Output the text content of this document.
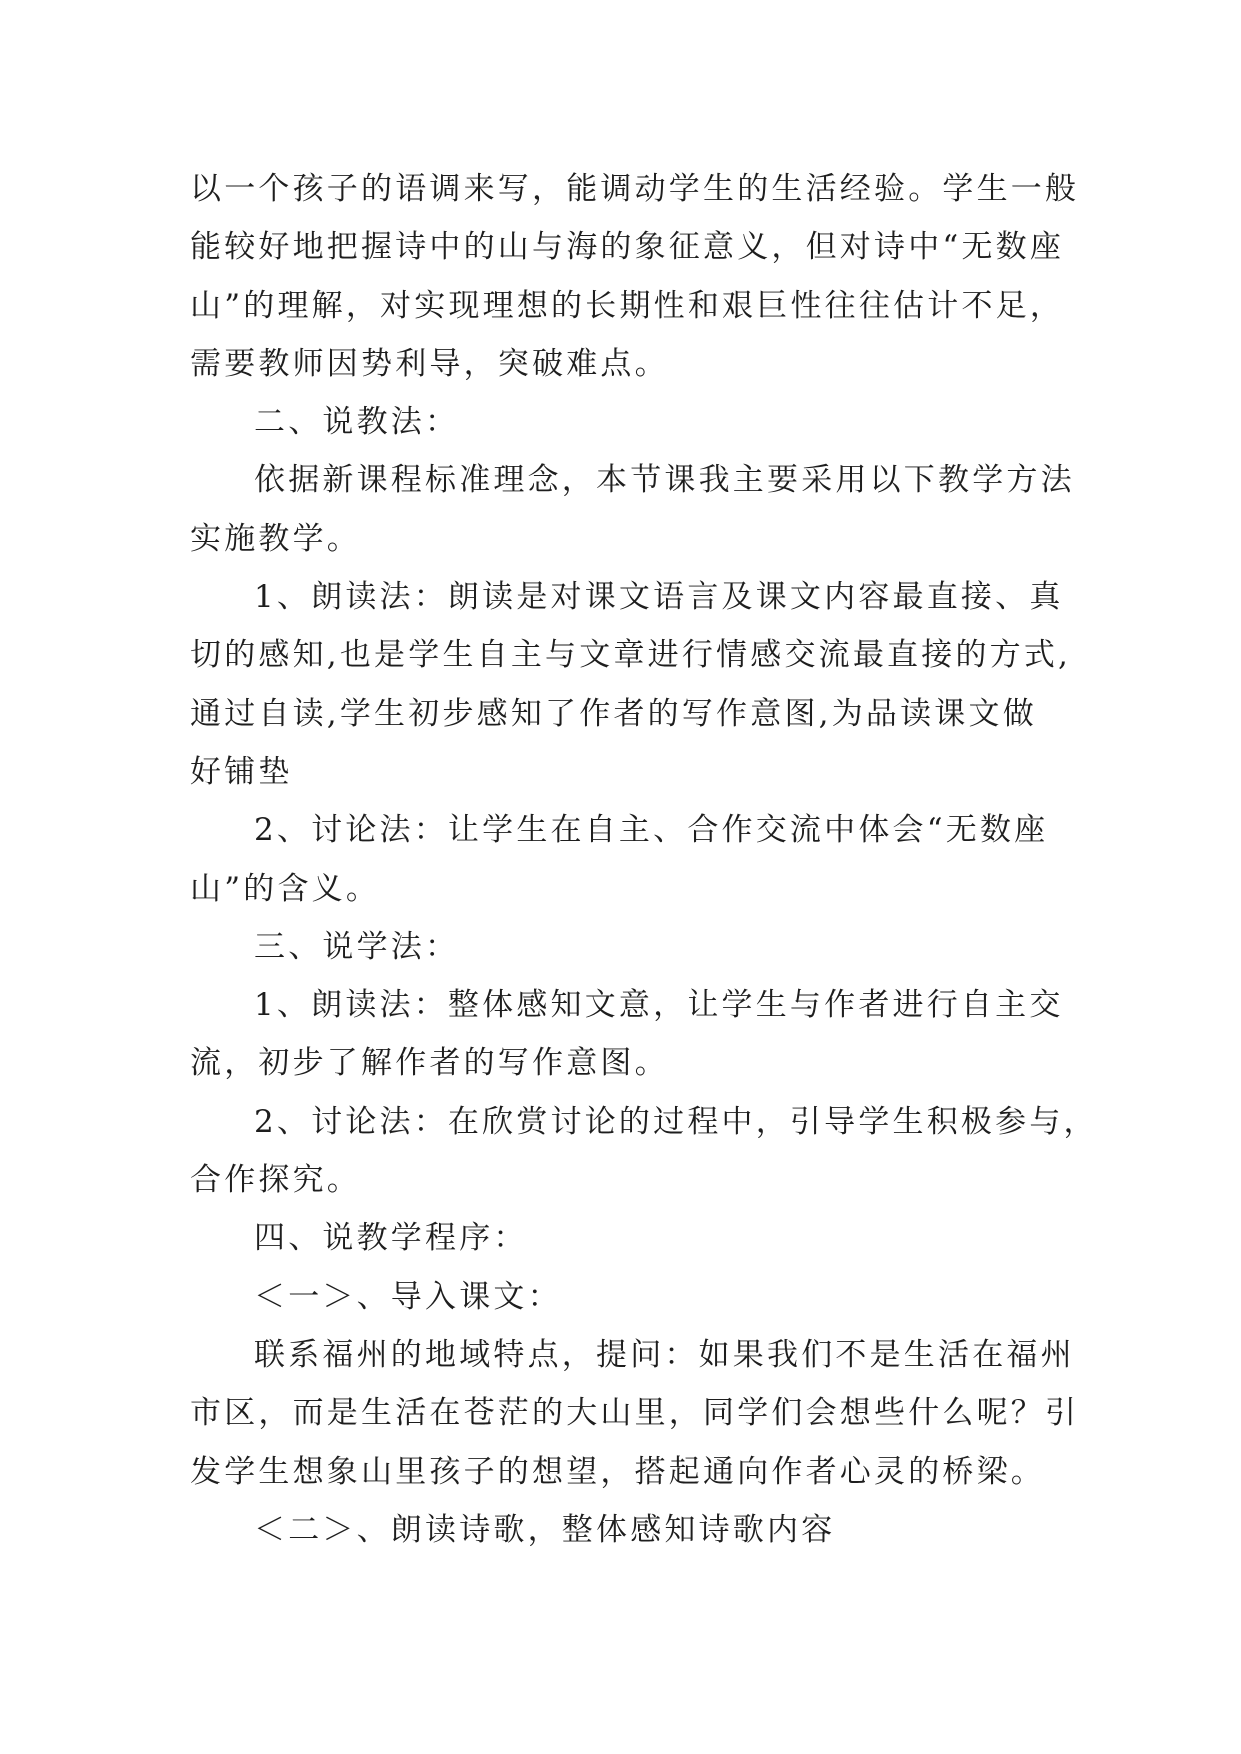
以一个孩子的语调来写，能调动学生的生活经验。学生一般
能较好地把握诗中的山与海的象征意义，但对诗中“无数座
山”的理解，对实现理想的长期性和艰巨性往往估计不足，
需要教师因势利导，突破难点。
二、说教法：
依据新课程标准理念，本节课我主要采用以下教学方法
实施教学。
1、朗读法：朗读是对课文语言及课文内容最直接、真
切的感知,也是学生自主与文章进行情感交流最直接的方式,
通过自读,学生初步感知了作者的写作意图,为品读课文做
好铺垫
2、讨论法：让学生在自主、合作交流中体会“无数座
山”的含义。
三、说学法：
1、朗读法：整体感知文意，让学生与作者进行自主交
流，初步了解作者的写作意图。
2、讨论法：在欣赏讨论的过程中，引导学生积极参与，
合作探究。
四、说教学程序：
＜一＞、导入课文：
联系福州的地域特点，提问：如果我们不是生活在福州
市区，而是生活在苍茫的大山里，同学们会想些什么呢？引
发学生想象山里孩子的想望，搭起通向作者心灵的桥梁。
＜二＞、朗读诗歌，整体感知诗歌内容
